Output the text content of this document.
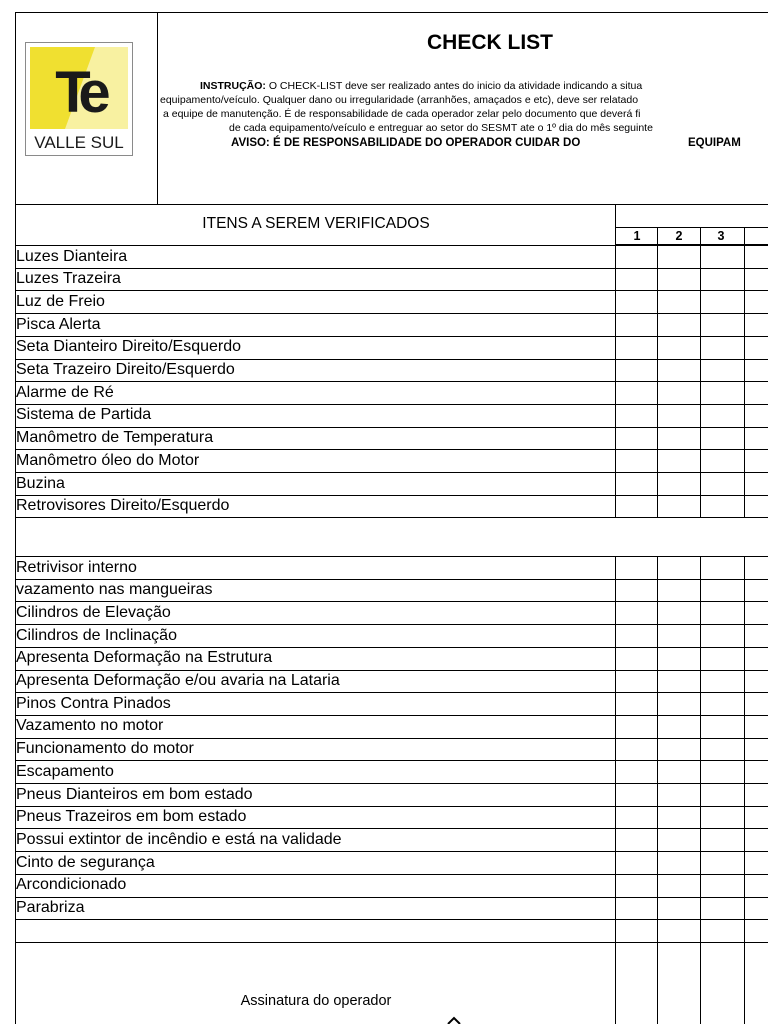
Te
VALLE SUL
CHECK LIST
INSTRUÇÃO: O CHECK-LIST deve ser realizado antes do inicio da atividade indicando a situa
equipamento/veículo. Qualquer dano ou irregularidade (arranhões, amaçados e etc), deve ser relatado
a equipe de manutenção. É de responsabilidade de cada operador zelar pelo documento que deverá fi
de cada equipamento/veículo e entreguar ao setor do SESMT ate o 1º dia do mês seguinte
AVISO: É DE RESPONSABILIDADE DO OPERADOR CUIDAR DO	EQUIPAM
ITENS A SEREM VERIFICADOS
1	2	3
Luzes Dianteira
Luzes Trazeira
Luz de Freio
Pisca Alerta
Seta Dianteiro Direito/Esquerdo
Seta Trazeiro Direito/Esquerdo
Alarme de Ré
Sistema de Partida
Manômetro de Temperatura
Manômetro óleo do Motor
Buzina
Retrovisores Direito/Esquerdo
Retrivisor interno
vazamento nas mangueiras
Cilindros de Elevação
Cilindros de Inclinação
Apresenta Deformação na Estrutura
Apresenta Deformação e/ou avaria na Lataria
Pinos Contra Pinados
Vazamento no motor
Funcionamento do motor
Escapamento
Pneus Dianteiros em bom estado
Pneus Trazeiros em bom estado
Possui extintor de incêndio e está na validade
Cinto de segurança
Arcondicionado
Parabriza
Assinatura do operador
